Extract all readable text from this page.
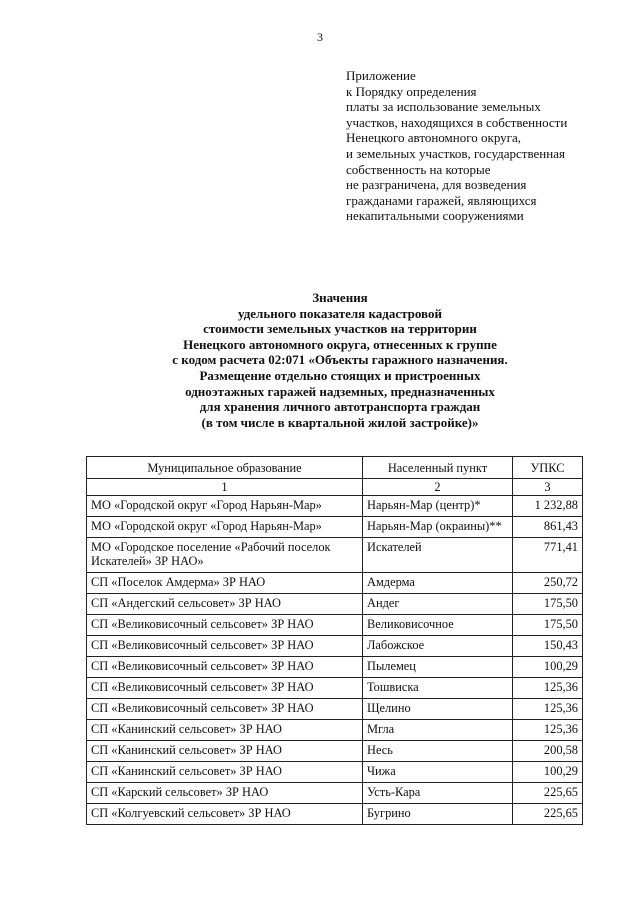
3
Приложение
к Порядку определения
платы за использование земельных
участков, находящихся в собственности
Ненецкого автономного округа,
и земельных участков, государственная
собственность на которые
не разграничена, для возведения
гражданами гаражей, являющихся
некапитальными сооружениями
Значения
удельного показателя кадастровой
стоимости земельных участков на территории
Ненецкого автономного округа, отнесенных к группе
с кодом расчета 02:071 «Объекты гаражного назначения.
Размещение отдельно стоящих и пристроенных
одноэтажных гаражей надземных, предназначенных
для хранения личного автотранспорта граждан
(в том числе в квартальной жилой застройке)»
Муниципальное образование	Населенный пункт	УПКС
1	2	3
МО «Городской округ «Город Нарьян-Мар»	Нарьян-Мар (центр)*	1 232,88
МО «Городской округ «Город Нарьян-Мар»	Нарьян-Мар (окраины)**	861,43
МО «Городское поселение «Рабочий поселок Искателей» ЗР НАО»	Искателей	771,41
СП «Поселок Амдерма» ЗР НАО	Амдерма	250,72
СП «Андегский сельсовет» ЗР НАО	Андег	175,50
СП «Великовисочный сельсовет» ЗР НАО	Великовисочное	175,50
СП «Великовисочный сельсовет» ЗР НАО	Лабожское	150,43
СП «Великовисочный сельсовет» ЗР НАО	Пылемец	100,29
СП «Великовисочный сельсовет» ЗР НАО	Тошвиска	125,36
СП «Великовисочный сельсовет» ЗР НАО	Щелино	125,36
СП «Канинский сельсовет» ЗР НАО	Мгла	125,36
СП «Канинский сельсовет» ЗР НАО	Несь	200,58
СП «Канинский сельсовет» ЗР НАО	Чижа	100,29
СП «Карский сельсовет» ЗР НАО	Усть-Кара	225,65
СП «Колгуевский сельсовет» ЗР НАО	Бугрино	225,65
